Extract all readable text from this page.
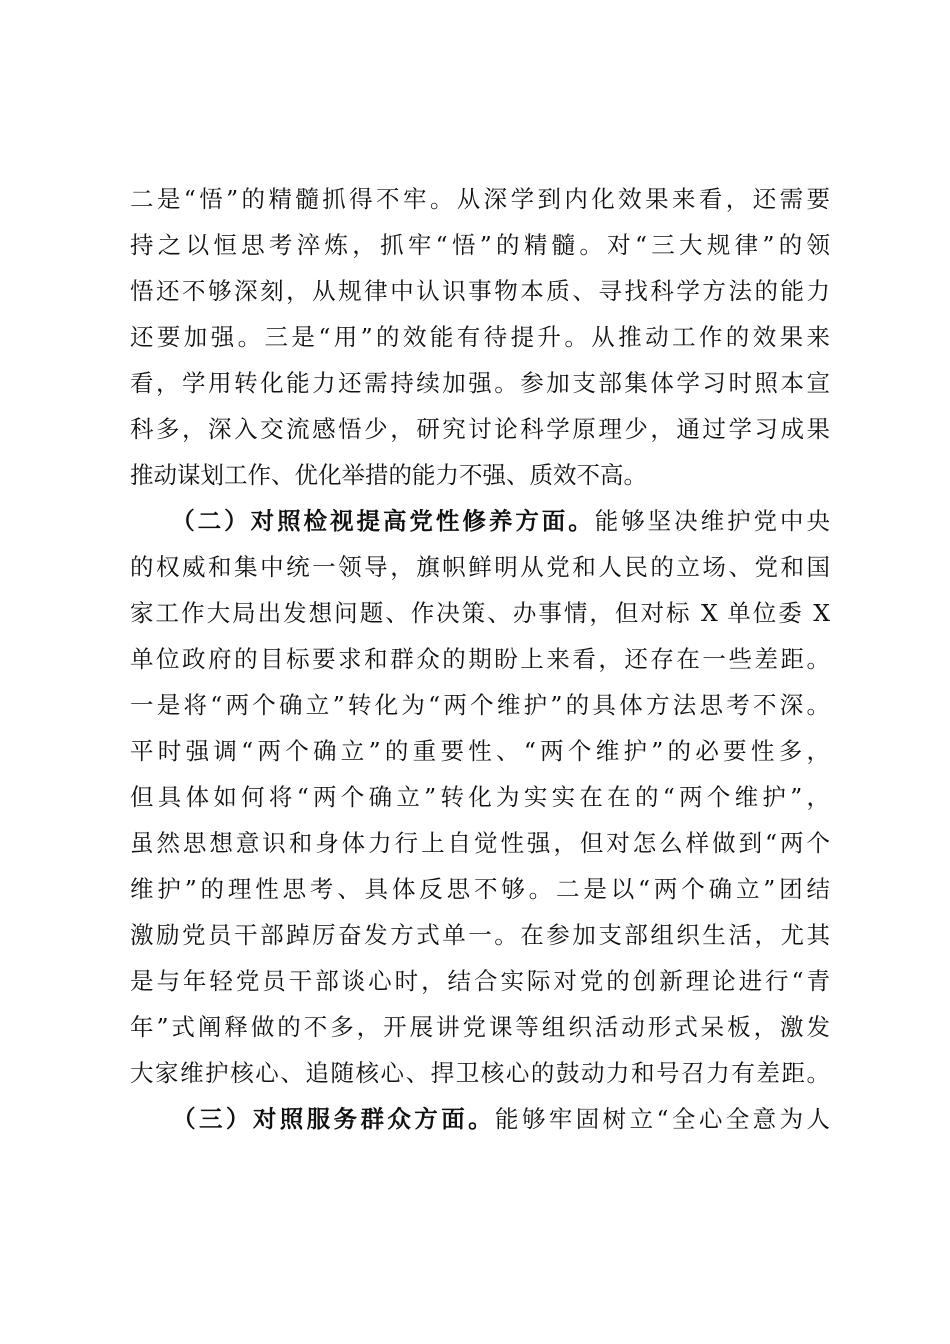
二是“悟”的精髓抓得不牢。从深学到内化效果来看，还需要
持之以恒思考淬炼，抓牢“悟”的精髓。对“三大规律”的领
悟还不够深刻，从规律中认识事物本质、寻找科学方法的能力
还要加强。三是“用”的效能有待提升。从推动工作的效果来
看，学用转化能力还需持续加强。参加支部集体学习时照本宣
科多，深入交流感悟少，研究讨论科学原理少，通过学习成果
推动谋划工作、优化举措的能力不强、质效不高。
　　（二）对照检视提高党性修养方面。能够坚决维护党中央
的权威和集中统一领导，旗帜鲜明从党和人民的立场、党和国
家工作大局出发想问题、作决策、办事情，但对标 X 单位委 X
单位政府的目标要求和群众的期盼上来看，还存在一些差距。
一是将“两个确立”转化为“两个维护”的具体方法思考不深。
平时强调“两个确立”的重要性、“两个维护”的必要性多，
但具体如何将“两个确立”转化为实实在在的“两个维护”，
虽然思想意识和身体力行上自觉性强，但对怎么样做到“两个
维护”的理性思考、具体反思不够。二是以“两个确立”团结
激励党员干部踔厉奋发方式单一。在参加支部组织生活，尤其
是与年轻党员干部谈心时，结合实际对党的创新理论进行“青
年”式阐释做的不多，开展讲党课等组织活动形式呆板，激发
大家维护核心、追随核心、捍卫核心的鼓动力和号召力有差距。
　　（三）对照服务群众方面。能够牢固树立“全心全意为人
